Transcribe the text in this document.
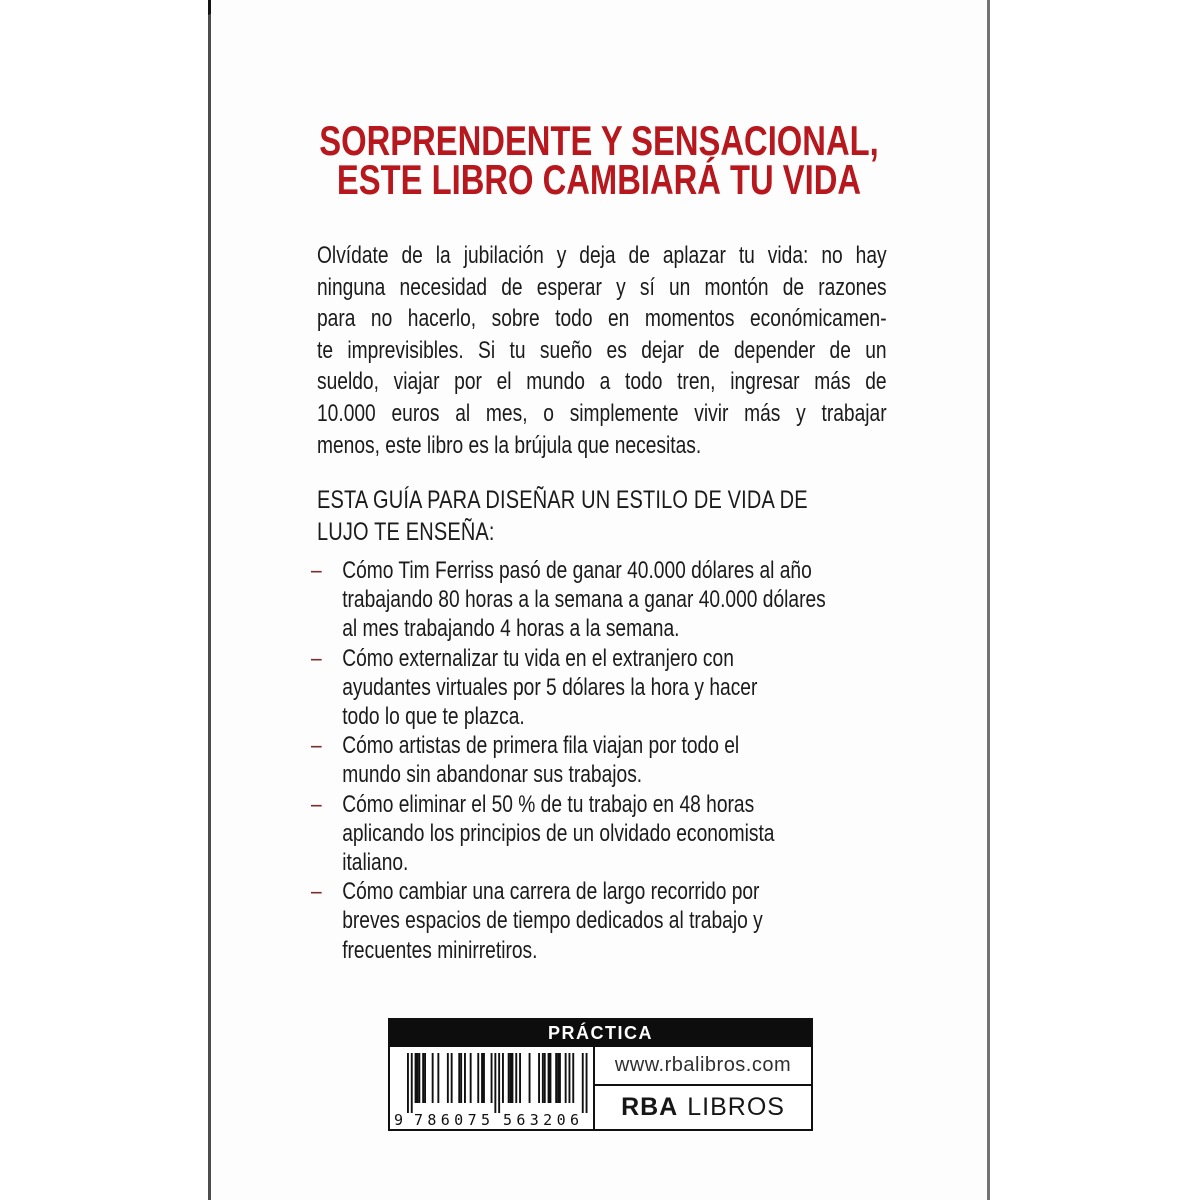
SORPRENDENTE Y SENSACIONAL,
ESTE LIBRO CAMBIARÁ TU VIDA
Olvídate de la jubilación y deja de aplazar tu vida: no hay
ninguna necesidad de esperar y sí un montón de razones
para no hacerlo, sobre todo en momentos económicamen-
te imprevisibles. Si tu sueño es dejar de depender de un
sueldo, viajar por el mundo a todo tren, ingresar más de
10.000 euros al mes, o simplemente vivir más y trabajar
menos, este libro es la brújula que necesitas.
ESTA GUÍA PARA DISEÑAR UN ESTILO DE VIDA DE
LUJO TE ENSEÑA:
– Cómo Tim Ferriss pasó de ganar 40.000 dólares al año
trabajando 80 horas a la semana a ganar 40.000 dólares
al mes trabajando 4 horas a la semana.
– Cómo externalizar tu vida en el extranjero con
ayudantes virtuales por 5 dólares la hora y hacer
todo lo que te plazca.
– Cómo artistas de primera fila viajan por todo el
mundo sin abandonar sus trabajos.
– Cómo eliminar el 50 % de tu trabajo en 48 horas
aplicando los principios de un olvidado economista
italiano.
– Cómo cambiar una carrera de largo recorrido por
breves espacios de tiempo dedicados al trabajo y
frecuentes minirretiros.
PRÁCTICA
9 786075 563206
www.rbalibros.com
RBA LIBROS
